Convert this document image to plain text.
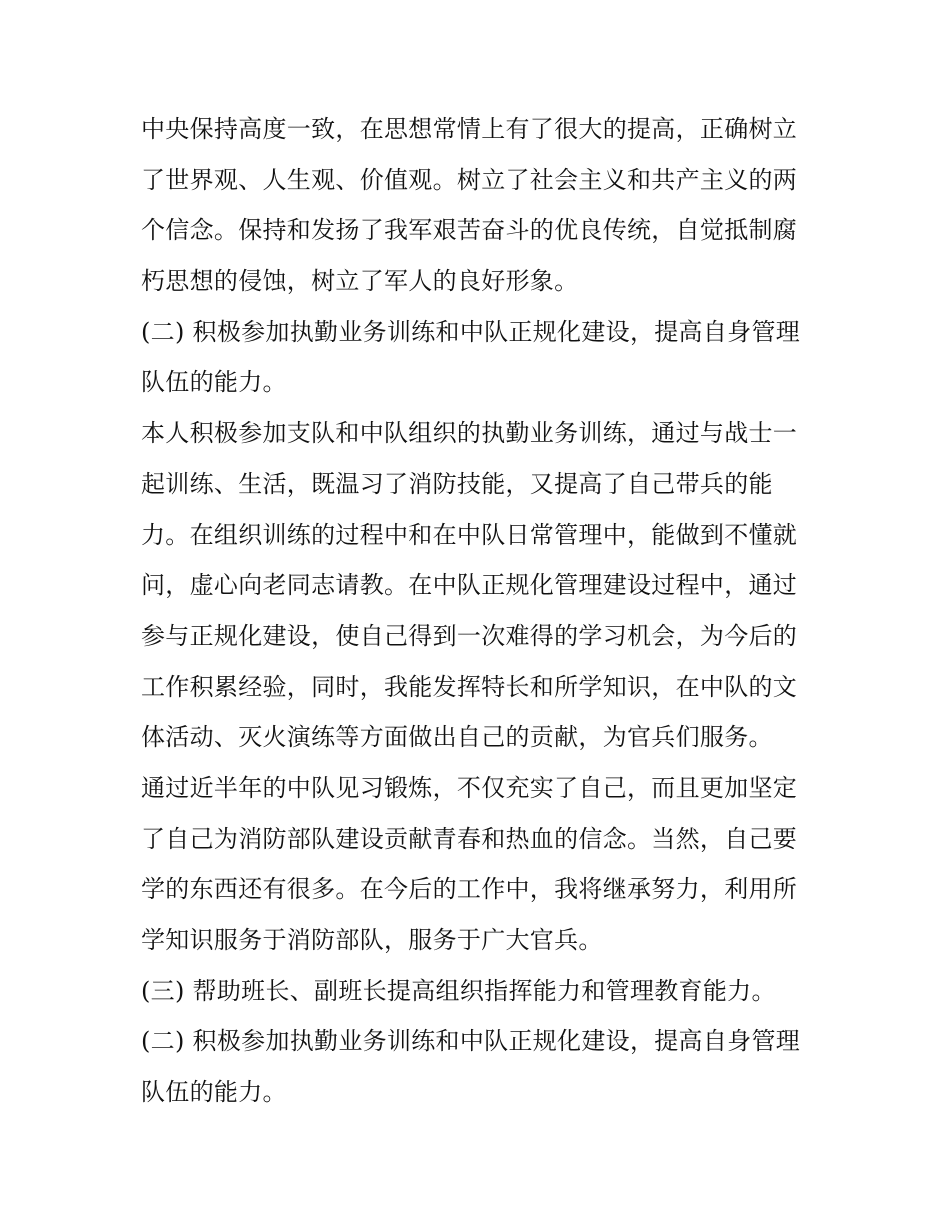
中央保持高度一致，在思想常情上有了很大的提高，正确树立
了世界观、人生观、价值观。树立了社会主义和共产主义的两
个信念。保持和发扬了我军艰苦奋斗的优良传统，自觉抵制腐
朽思想的侵蚀，树立了军人的良好形象。
(二) 积极参加执勤业务训练和中队正规化建设，提高自身管理
队伍的能力。
本人积极参加支队和中队组织的执勤业务训练，通过与战士一
起训练、生活，既温习了消防技能，又提高了自己带兵的能
力。在组织训练的过程中和在中队日常管理中，能做到不懂就
问，虚心向老同志请教。在中队正规化管理建设过程中，通过
参与正规化建设，使自己得到一次难得的学习机会，为今后的
工作积累经验，同时，我能发挥特长和所学知识，在中队的文
体活动、灭火演练等方面做出自己的贡献，为官兵们服务。
通过近半年的中队见习锻炼，不仅充实了自己，而且更加坚定
了自己为消防部队建设贡献青春和热血的信念。当然，自己要
学的东西还有很多。在今后的工作中，我将继承努力，利用所
学知识服务于消防部队，服务于广大官兵。
(三) 帮助班长、副班长提高组织指挥能力和管理教育能力。
(二) 积极参加执勤业务训练和中队正规化建设，提高自身管理
队伍的能力。
